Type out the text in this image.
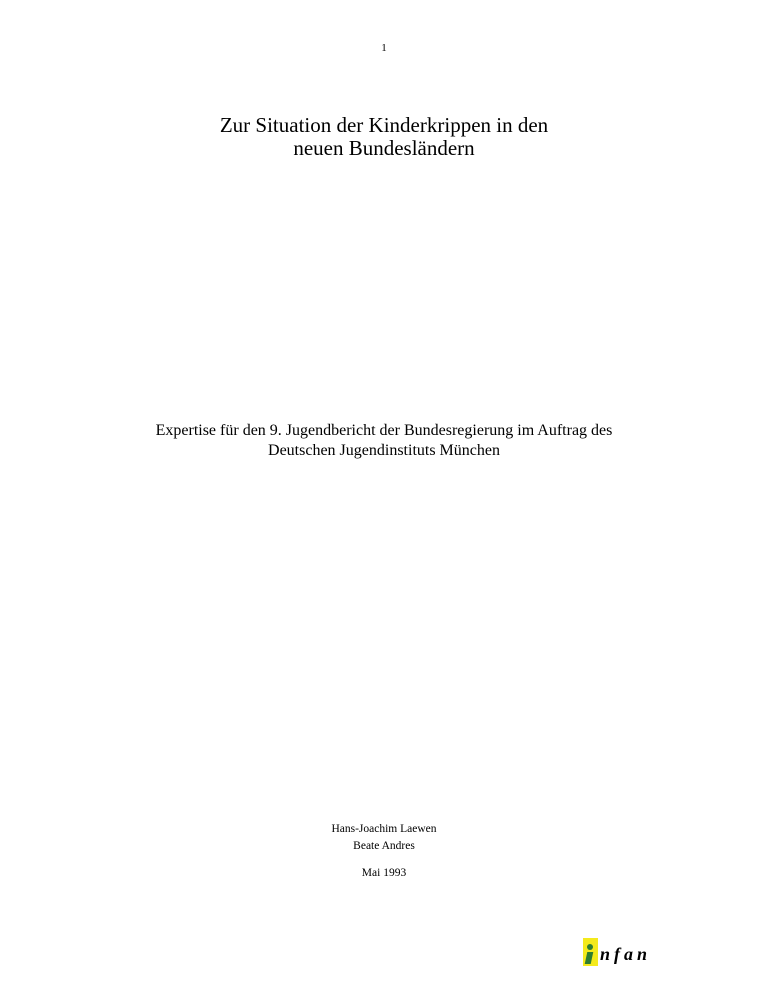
1
Zur Situation der Kinderkrippen in den
neuen Bundesländern
Expertise für den 9. Jugendbericht der Bundesregierung im Auftrag des
Deutschen Jugendinstituts München
Hans-Joachim Laewen
Beate Andres
Mai 1993
nfan
